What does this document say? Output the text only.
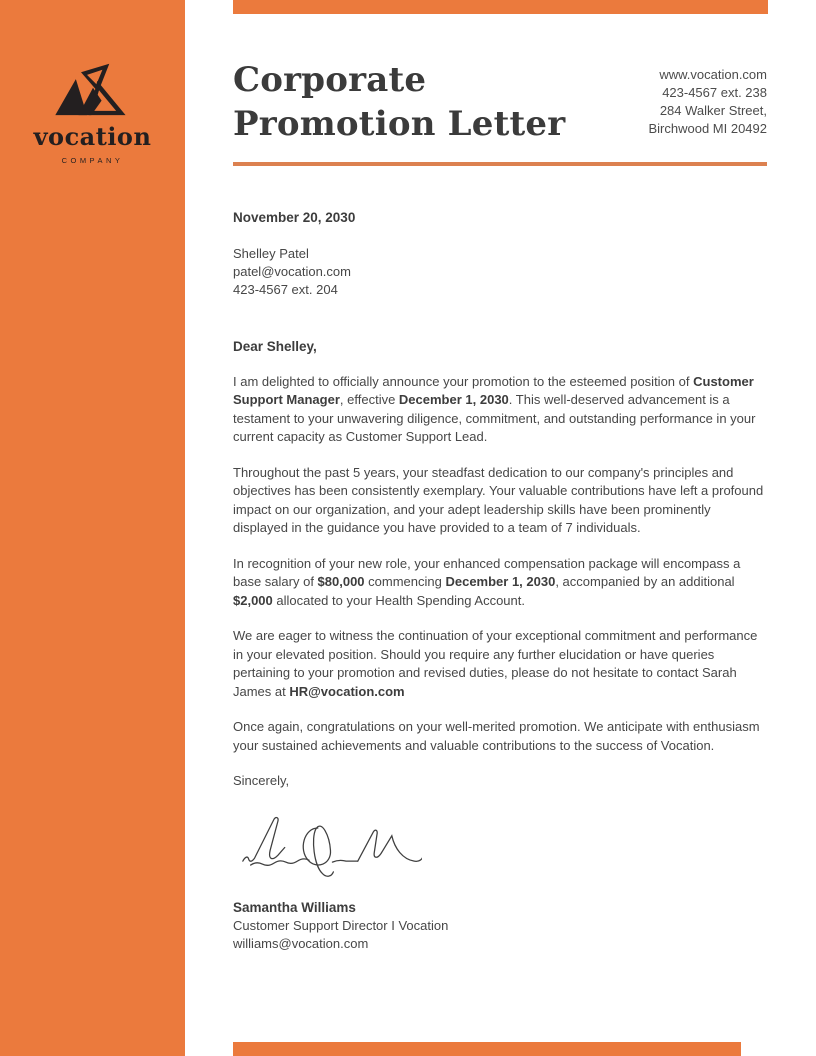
vocation
COMPANY
Corporate
Promotion Letter
www.vocation.com
423-4567 ext. 238
284 Walker Street,
Birchwood MI 20492
November 20, 2030
Shelley Patel
patel@vocation.com
423-4567 ext. 204
Dear Shelley,

I am delighted to officially announce your promotion to the esteemed position of Customer Support Manager, effective December 1, 2030. This well-deserved advancement is a testament to your unwavering diligence, commitment, and outstanding performance in your current capacity as Customer Support Lead.

Throughout the past 5 years, your steadfast dedication to our company's principles and objectives has been consistently exemplary. Your valuable contributions have left a profound impact on our organization, and your adept leadership skills have been prominently displayed in the guidance you have provided to a team of 7 individuals.

In recognition of your new role, your enhanced compensation package will encompass a base salary of $80,000 commencing December 1, 2030, accompanied by an additional $2,000 allocated to your Health Spending Account.

We are eager to witness the continuation of your exceptional commitment and performance in your elevated position. Should you require any further elucidation or have queries pertaining to your promotion and revised duties, please do not hesitate to contact Sarah James at HR@vocation.com

Once again, congratulations on your well-merited promotion. We anticipate with enthusiasm your sustained achievements and valuable contributions to the success of Vocation.

Sincerely,

Samantha Williams
Customer Support Director I Vocation
williams@vocation.com
